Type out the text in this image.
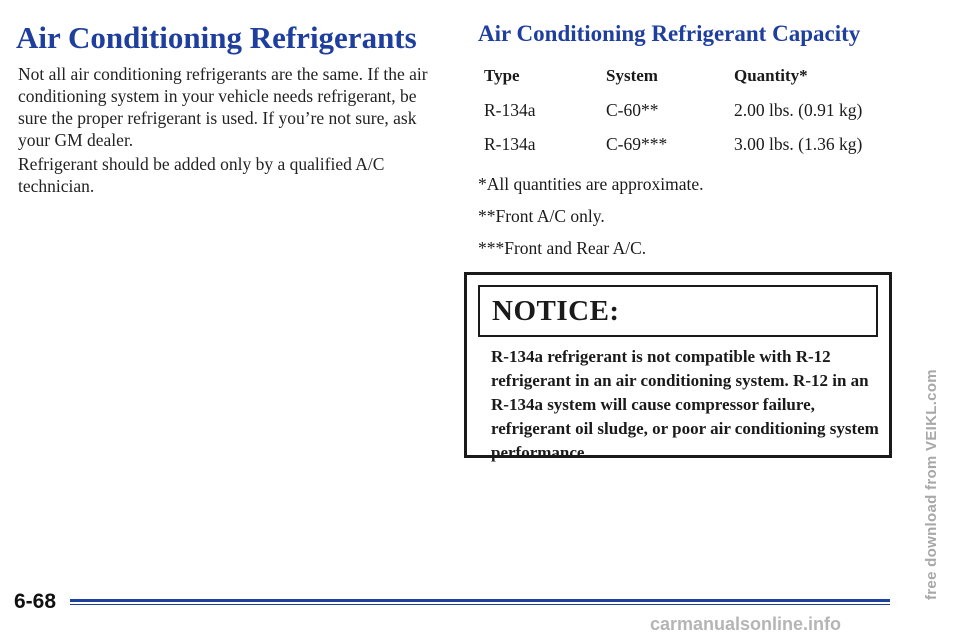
Air Conditioning Refrigerants

Not all air conditioning refrigerants are the same. If the air conditioning system in your vehicle needs refrigerant, be sure the proper refrigerant is used. If you’re not sure, ask your GM dealer.

Refrigerant should be added only by a qualified A/C technician.

Air Conditioning Refrigerant Capacity
Type	System	Quantity*
R-134a	C-60**	2.00 lbs. (0.91 kg)
R-134a	C-69***	3.00 lbs. (1.36 kg)

*All quantities are approximate.

**Front A/C only.

***Front and Rear A/C.

NOTICE:

R-134a refrigerant is not compatible with R-12 refrigerant in an air conditioning system. R-12 in an R-134a system will cause compressor failure, refrigerant oil sludge, or poor air conditioning system performance.

6-68

free download from VEIKL.com

carmanualsonline.info
